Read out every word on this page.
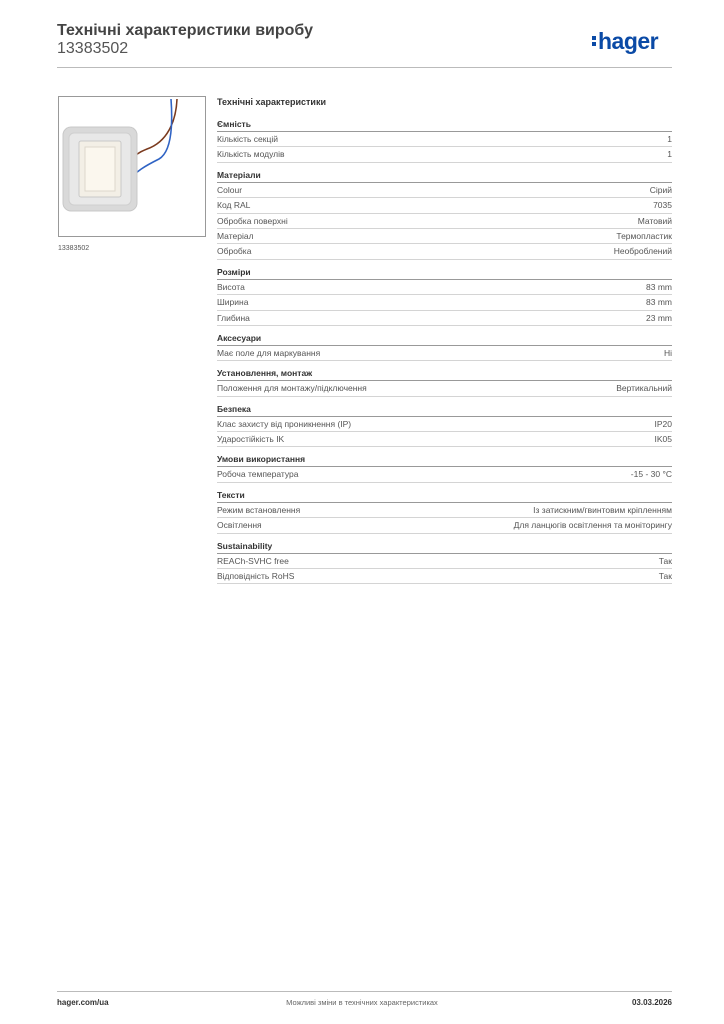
Технічні характеристики виробу
13383502	hager
13383502
Технічні характеристики
Ємність
Кількість секцій	1
Кількість модулів	1
Матеріали
Colour	Сірий
Код RAL	7035
Обробка поверхні	Матовий
Матеріал	Термопластик
Обробка	Необроблений
Розміри
Висота	83 mm
Ширина	83 mm
Глибина	23 mm
Аксесуари
Має поле для маркування	Ні
Установлення, монтаж
Положення для монтажу/підключення	Вертикальний
Безпека
Клас захисту від проникнення (IP)	IP20
Ударостійкість IK	IK05
Умови використання
Робоча температура	-15 - 30 °C
Тексти
Режим встановлення	Із затискним/гвинтовим кріпленням
Освітлення	Для ланцюгів освітлення та моніторингу
Sustainability
REACh-SVHC free	Так
Відповідність RoHS	Так
hager.com/ua	Можливі зміни в технічних характеристиках	03.03.2026
